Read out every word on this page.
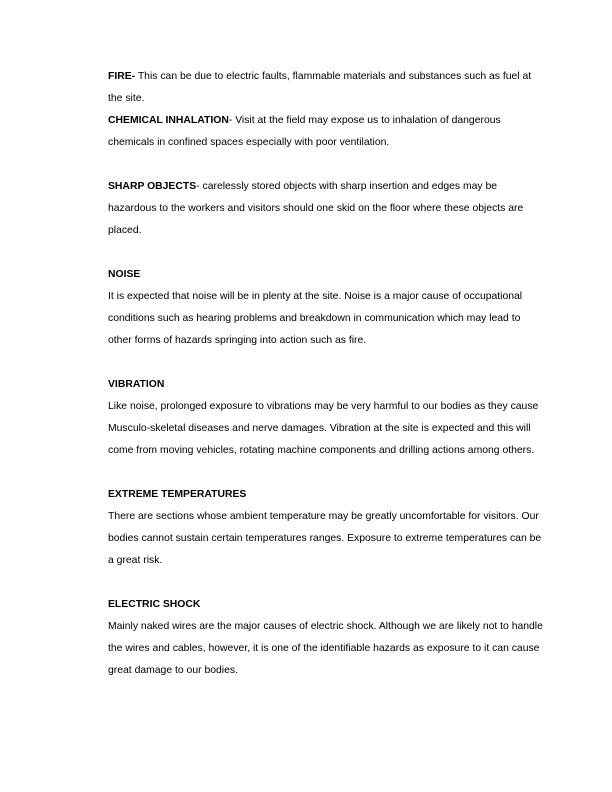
FIRE- This can be due to electric faults, flammable materials and substances such as fuel at the site.

CHEMICAL INHALATION- Visit at the field may expose us to inhalation of dangerous chemicals in confined spaces especially with poor ventilation.

SHARP OBJECTS- carelessly stored objects with sharp insertion and edges may be hazardous to the workers and visitors should one skid on the floor where these objects are placed.

NOISE

It is expected that noise will be in plenty at the site. Noise is a major cause of occupational conditions such as hearing problems and breakdown in communication which may lead to other forms of hazards springing into action such as fire.

VIBRATION

Like noise, prolonged exposure to vibrations may be very harmful to our bodies as they cause Musculo-skeletal diseases and nerve damages. Vibration at the site is expected and this will come from moving vehicles, rotating machine components and drilling actions among others.

EXTREME TEMPERATURES

There are sections whose ambient temperature may be greatly uncomfortable for visitors. Our bodies cannot sustain certain temperatures ranges. Exposure to extreme temperatures can be a great risk.

ELECTRIC SHOCK

Mainly naked wires are the major causes of electric shock. Although we are likely not to handle the wires and cables, however, it is one of the identifiable hazards as exposure to it can cause great damage to our bodies.
